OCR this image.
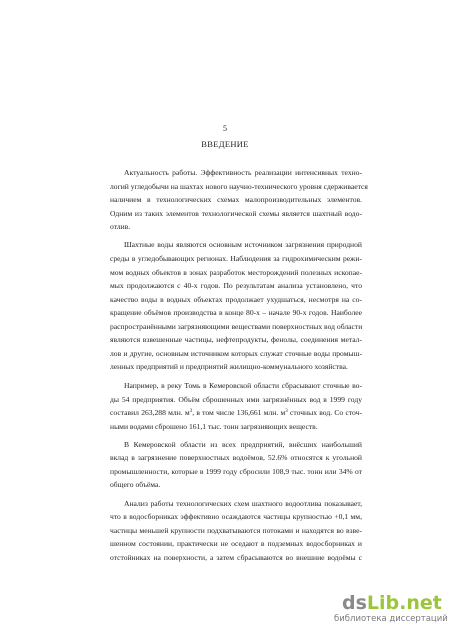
5
ВВЕДЕНИЕ
Актуальность работы. Эффективность реализации интенсивных техно-
логий угледобычи на шахтах нового научно-технического уровня сдерживается
наличием в технологических схемах малопроизводительных элементов.
Одним из таких элементов технологической схемы является шахтный водо-
отлив.
Шахтные воды являются основным источником загрязнения природной
среды в угледобывающих регионах. Наблюдения за гидрохимическим режи-
мом водных объектов в зонах разработок месторождений полезных ископае-
мых продолжаются с 40-х годов. По результатам анализа установлено, что
качество воды в водных объектах продолжает ухудшаться, несмотря на со-
кращение объёмов производства в конце 80-х – начале 90-х годов. Наиболее
распространёнными загрязняющими веществами поверхностных вод области
являются взвешенные частицы, нефтепродукты, фенолы, соединения метал-
лов и другие, основным источником которых служат сточные воды промыш-
ленных предприятий и предприятий жилищно-коммунального хозяйства.
Например, в реку Томь в Кемеровской области сбрасывают сточные во-
ды 54 предприятия. Объём сброшенных ими загрязнённых вод в 1999 году
составил 263,288 млн. $м^3$, в том числе 136,661 млн. $м^3$ сточных вод. Со сточ-
ными водами сброшено 161,1 тыс. тонн загрязняющих веществ.
В Кемеровской области из всех предприятий, внёсших наибольший
вклад в загрязнение поверхностных водоёмов, 52.6% относятся к угольной
промышленности, которые в 1999 году сбросили 108,9 тыс. тонн или 34% от
общего объёма.
Анализ работы технологических схем шахтного водоотлива показывает,
что в водосборниках эффективно осаждаются частицы крупностью +0,1 мм,
частицы меньшей крупности подхватываются потоками и находятся во взве-
шенном состоянии, практически не оседают в подземных водосборниках и
отстойниках на поверхности, а затем сбрасываются во внешние водоёмы с
dsLib.net
библиотека диссертаций
